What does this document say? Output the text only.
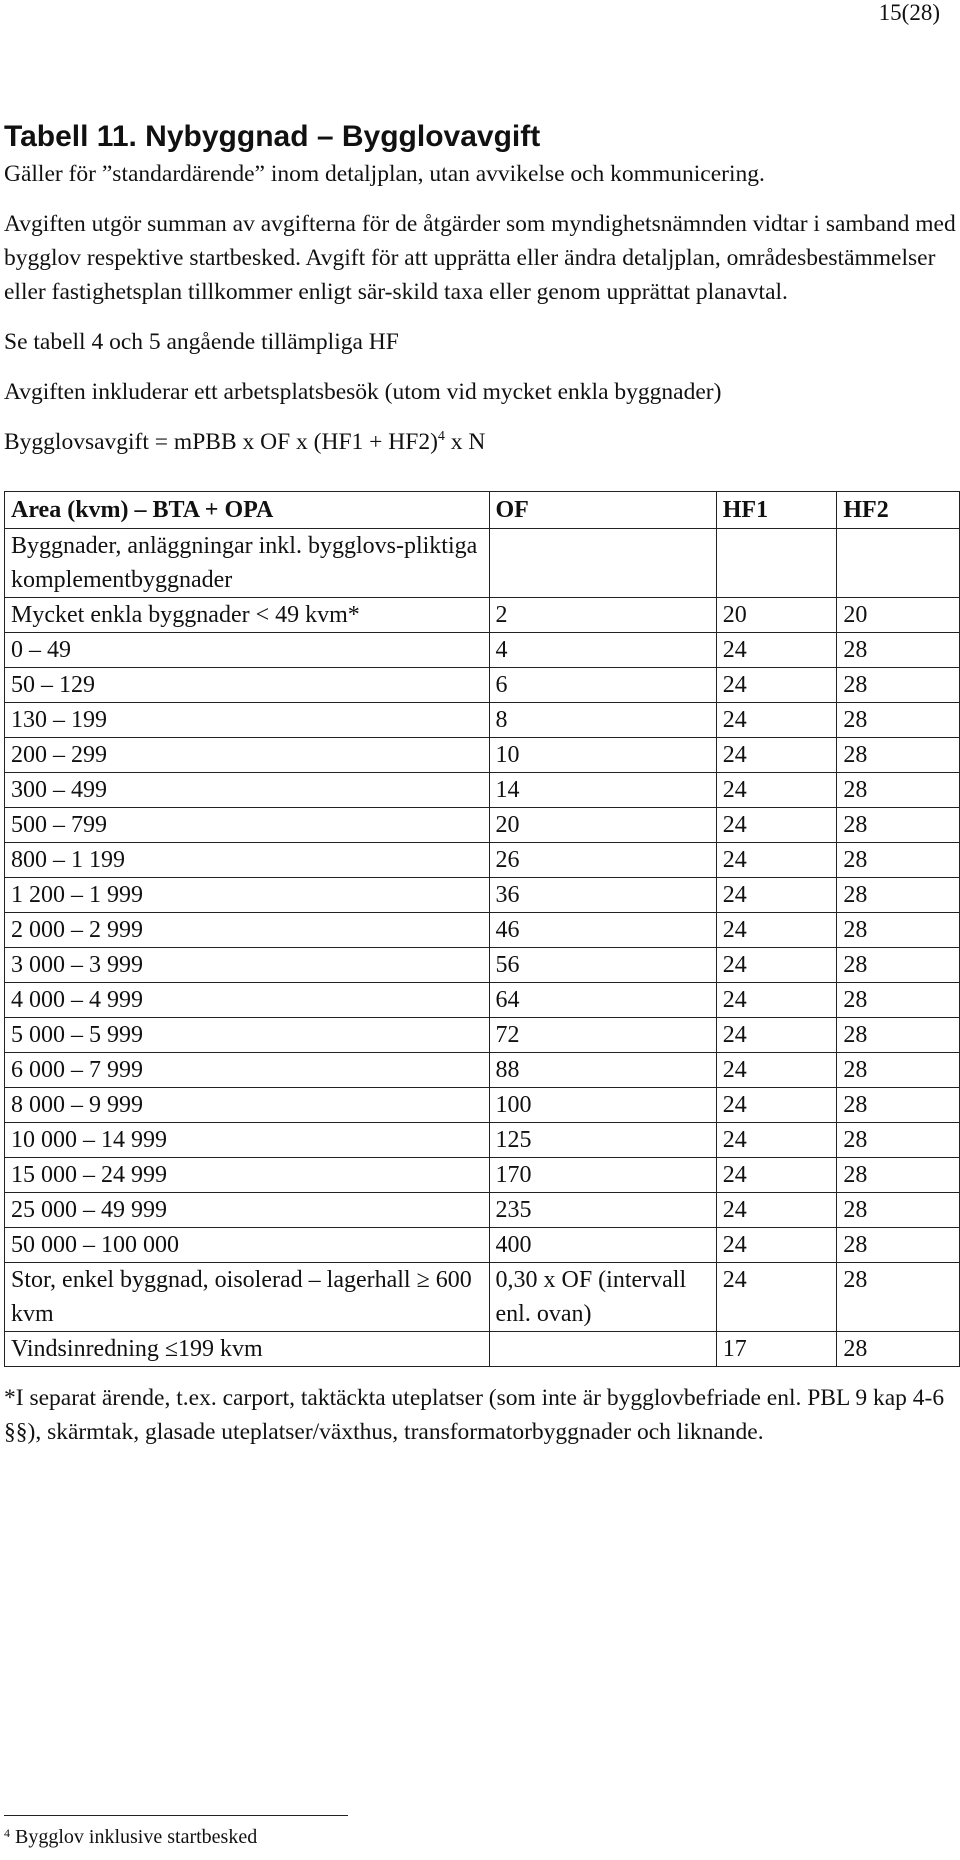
15(28)
Tabell 11. Nybyggnad – Bygglovavgift

Gäller för ”standardärende” inom detaljplan, utan avvikelse och kommunicering.

Avgiften utgör summan av avgifterna för de åtgärder som myndighetsnämnden vidtar i samband med bygglov respektive startbesked. Avgift för att upprätta eller ändra detaljplan, områdesbestämmelser eller fastighetsplan tillkommer enligt sär-skild taxa eller genom upprättat planavtal.

Se tabell 4 och 5 angående tillämpliga HF

Avgiften inkluderar ett arbetsplatsbesök (utom vid mycket enkla byggnader)

Bygglovsavgift = mPBB x OF x $(HF1 + HF2)^4$ x N

Area (kvm) – BTA + OPA	OF	HF1	HF2
Byggnader, anläggningar inkl. bygglovs-pliktiga komplementbyggnader			
Mycket enkla byggnader < 49 kvm*	2	20	20
0 – 49	4	24	28
50 – 129	6	24	28
130 – 199	8	24	28
200 – 299	10	24	28
300 – 499	14	24	28
500 – 799	20	24	28
800 – 1 199	26	24	28
1 200 – 1 999	36	24	28
2 000 – 2 999	46	24	28
3 000 – 3 999	56	24	28
4 000 – 4 999	64	24	28
5 000 – 5 999	72	24	28
6 000 – 7 999	88	24	28
8 000 – 9 999	100	24	28
10 000 – 14 999	125	24	28
15 000 – 24 999	170	24	28
25 000 – 49 999	235	24	28
50 000 – 100 000	400	24	28
Stor, enkel byggnad, oisolerad – lagerhall ≥ 600 kvm	0,30 x OF (intervall enl. ovan)	24	28
Vindsinredning ≤199 kvm		17	28

*I separat ärende, t.ex. carport, taktäckta uteplatser (som inte är bygglovbefriade enl. PBL 9 kap 4-6 §§), skärmtak, glasade uteplatser/växthus, transformatorbyggnader och liknande.

$^4$ Bygglov inklusive startbesked
